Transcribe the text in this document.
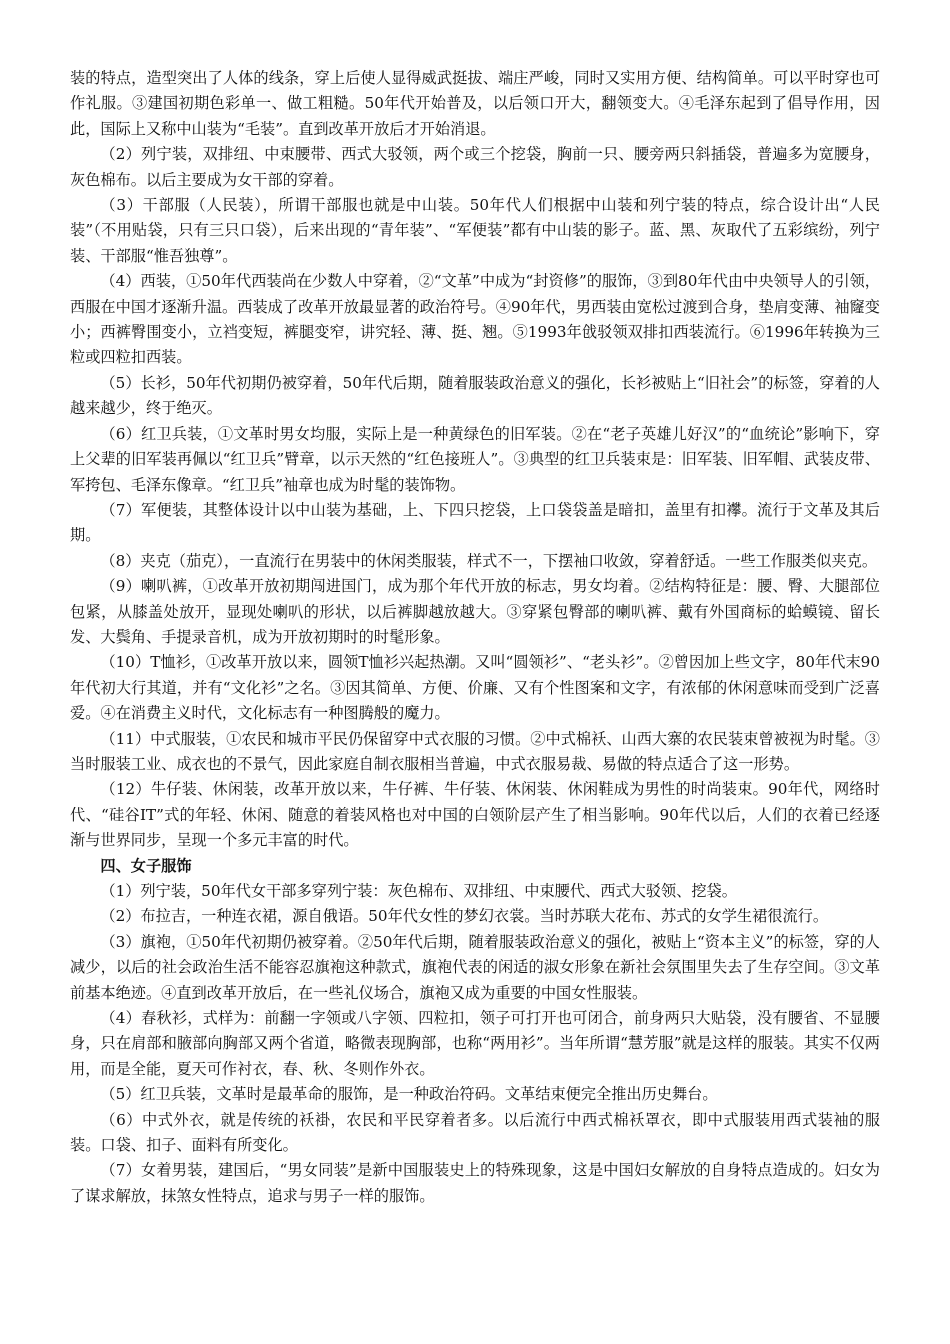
装的特点，造型突出了人体的线条，穿上后使人显得威武挺拔、端庄严峻，同时又实用方便、结构简单。可以平时穿也可作礼服。③建国初期色彩单一、做工粗糙。50年代开始普及，以后领口开大，翻领变大。④毛泽东起到了倡导作用，因此，国际上又称中山装为“毛装”。直到改革开放后才开始消退。

（2）列宁装，双排纽、中束腰带、西式大驳领，两个或三个挖袋，胸前一只、腰旁两只斜插袋，普遍多为宽腰身，灰色棉布。以后主要成为女干部的穿着。

（3）干部服（人民装），所谓干部服也就是中山装。50年代人们根据中山装和列宁装的特点，综合设计出“人民装”（不用贴袋，只有三只口袋），后来出现的“青年装”、“军便装”都有中山装的影子。蓝、黑、灰取代了五彩缤纷，列宁装、干部服“惟吾独尊”。

（4）西装，①50年代西装尚在少数人中穿着，②“文革”中成为“封资修”的服饰，③到80年代由中央领导人的引领，西服在中国才逐渐升温。西装成了改革开放最显著的政治符号。④90年代，男西装由宽松过渡到合身，垫肩变薄、袖窿变小；西裤臀围变小，立裆变短，裤腿变窄，讲究轻、薄、挺、翘。⑤1993年戗驳领双排扣西装流行。⑥1996年转换为三粒或四粒扣西装。

（5）长衫，50年代初期仍被穿着，50年代后期，随着服装政治意义的强化，长衫被贴上“旧社会”的标签，穿着的人越来越少，终于绝灭。

（6）红卫兵装，①文革时男女均服，实际上是一种黄绿色的旧军装。②在“老子英雄儿好汉”的“血统论”影响下，穿上父辈的旧军装再佩以“红卫兵”臂章，以示天然的“红色接班人”。③典型的红卫兵装束是：旧军装、旧军帽、武装皮带、军挎包、毛泽东像章。“红卫兵”袖章也成为时髦的装饰物。

（7）军便装，其整体设计以中山装为基础，上、下四只挖袋，上口袋袋盖是暗扣，盖里有扣襻。流行于文革及其后期。

（8）夹克（茄克），一直流行在男装中的休闲类服装，样式不一，下摆袖口收敛，穿着舒适。一些工作服类似夹克。

（9）喇叭裤，①改革开放初期闯进国门，成为那个年代开放的标志，男女均着。②结构特征是：腰、臀、大腿部位包紧，从膝盖处放开，显现处喇叭的形状，以后裤脚越放越大。③穿紧包臀部的喇叭裤、戴有外国商标的蛤蟆镜、留长发、大鬓角、手提录音机，成为开放初期时的时髦形象。

（10）T恤衫，①改革开放以来，圆领T恤衫兴起热潮。又叫“圆领衫”、“老头衫”。②曾因加上些文字，80年代末90年代初大行其道，并有“文化衫”之名。③因其简单、方便、价廉、又有个性图案和文字，有浓郁的休闲意味而受到广泛喜爱。④在消费主义时代，文化标志有一种图腾般的魔力。

（11）中式服装，①农民和城市平民仍保留穿中式衣服的习惯。②中式棉袄、山西大寨的农民装束曾被视为时髦。③当时服装工业、成衣也的不景气，因此家庭自制衣服相当普遍，中式衣服易裁、易做的特点适合了这一形势。

（12）牛仔装、休闲装，改革开放以来，牛仔裤、牛仔装、休闲装、休闲鞋成为男性的时尚装束。90年代，网络时代、“硅谷IT”式的年轻、休闲、随意的着装风格也对中国的白领阶层产生了相当影响。90年代以后，人们的衣着已经逐渐与世界同步，呈现一个多元丰富的时代。

四、女子服饰

（1）列宁装，50年代女干部多穿列宁装：灰色棉布、双排纽、中束腰代、西式大驳领、挖袋。

（2）布拉吉，一种连衣裙，源自俄语。50年代女性的梦幻衣裳。当时苏联大花布、苏式的女学生裙很流行。

（3）旗袍，①50年代初期仍被穿着。②50年代后期，随着服装政治意义的强化，被贴上“资本主义”的标签，穿的人减少，以后的社会政治生活不能容忍旗袍这种款式，旗袍代表的闲适的淑女形象在新社会氛围里失去了生存空间。③文革前基本绝迹。④直到改革开放后，在一些礼仪场合，旗袍又成为重要的中国女性服装。

（4）春秋衫，式样为：前翻一字领或八字领、四粒扣，领子可打开也可闭合，前身两只大贴袋，没有腰省、不显腰身，只在肩部和腋部向胸部又两个省道，略微表现胸部，也称“两用衫”。当年所谓“慧芳服”就是这样的服装。其实不仅两用，而是全能，夏天可作衬衣，春、秋、冬则作外衣。

（5）红卫兵装，文革时是最革命的服饰，是一种政治符码。文革结束便完全推出历史舞台。

（6）中式外衣，就是传统的袄褂，农民和平民穿着者多。以后流行中西式棉袄罩衣，即中式服装用西式装袖的服装。口袋、扣子、面料有所变化。

（7）女着男装，建国后，“男女同装”是新中国服装史上的特殊现象，这是中国妇女解放的自身特点造成的。妇女为了谋求解放，抹煞女性特点，追求与男子一样的服饰。
